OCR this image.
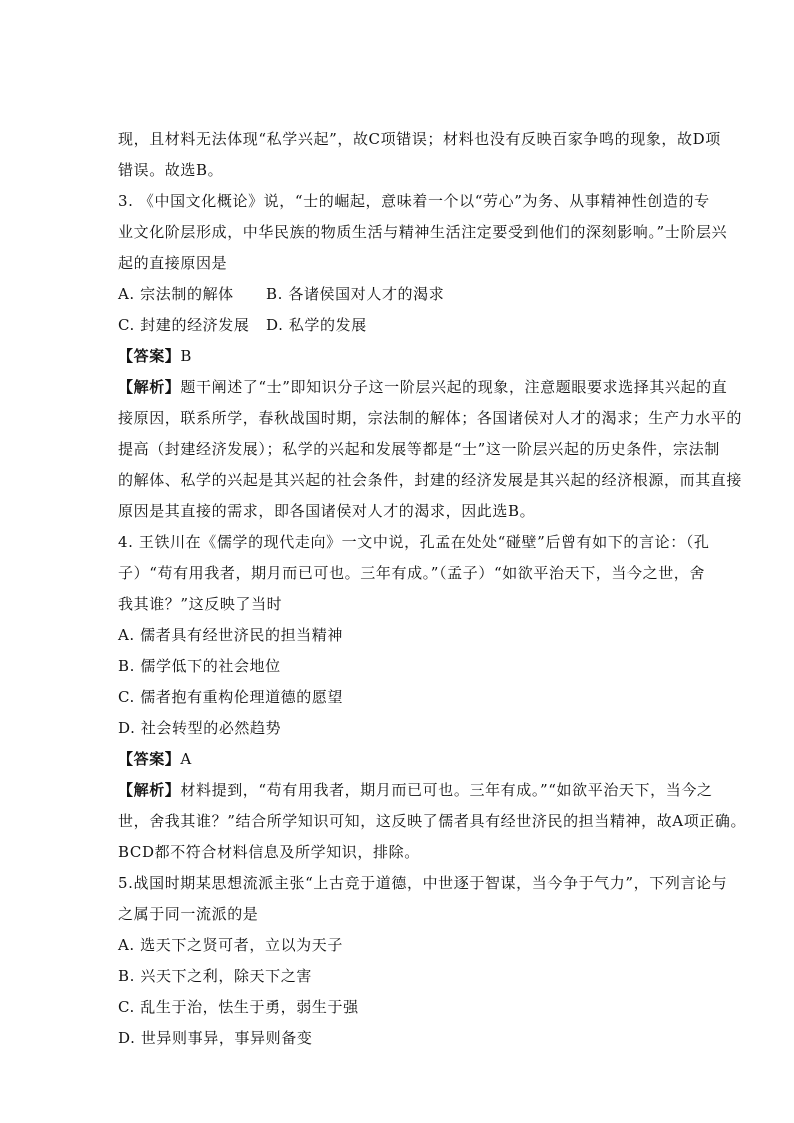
现，且材料无法体现“私学兴起”，故C项错误；材料也没有反映百家争鸣的现象，故D项
错误。故选B。
3. 《中国文化概论》说，“士的崛起，意味着一个以“劳心”为务、从事精神性创造的专
业文化阶层形成，中华民族的物质生活与精神生活注定要受到他们的深刻影响。”士阶层兴
起的直接原因是
A. 宗法制的解体	B. 各诸侯国对人才的渴求
C. 封建的经济发展	D. 私学的发展
【答案】B
【解析】题干阐述了“士”即知识分子这一阶层兴起的现象，注意题眼要求选择其兴起的直
接原因，联系所学，春秋战国时期，宗法制的解体；各国诸侯对人才的渴求；生产力水平的
提高（封建经济发展）；私学的兴起和发展等都是“士”这一阶层兴起的历史条件，宗法制
的解体、私学的兴起是其兴起的社会条件，封建的经济发展是其兴起的经济根源，而其直接
原因是其直接的需求，即各国诸侯对人才的渴求，因此选B。
4. 王铁川在《儒学的现代走向》一文中说，孔孟在处处“碰壁”后曾有如下的言论：（孔
子）“苟有用我者，期月而已可也。三年有成。”（孟子）“如欲平治天下，当今之世，舍
我其谁？”这反映了当时
A. 儒者具有经世济民的担当精神
B. 儒学低下的社会地位
C. 儒者抱有重构伦理道德的愿望
D. 社会转型的必然趋势
【答案】A
【解析】材料提到，“苟有用我者，期月而已可也。三年有成。”“如欲平治天下，当今之
世，舍我其谁？”结合所学知识可知，这反映了儒者具有经世济民的担当精神，故A项正确。
BCD都不符合材料信息及所学知识，排除。
5.战国时期某思想流派主张“上古竞于道德，中世逐于智谋，当今争于气力”，下列言论与
之属于同一流派的是
A. 选天下之贤可者，立以为天子
B. 兴天下之利，除天下之害
C. 乱生于治，怯生于勇，弱生于强
D. 世异则事异，事异则备变
